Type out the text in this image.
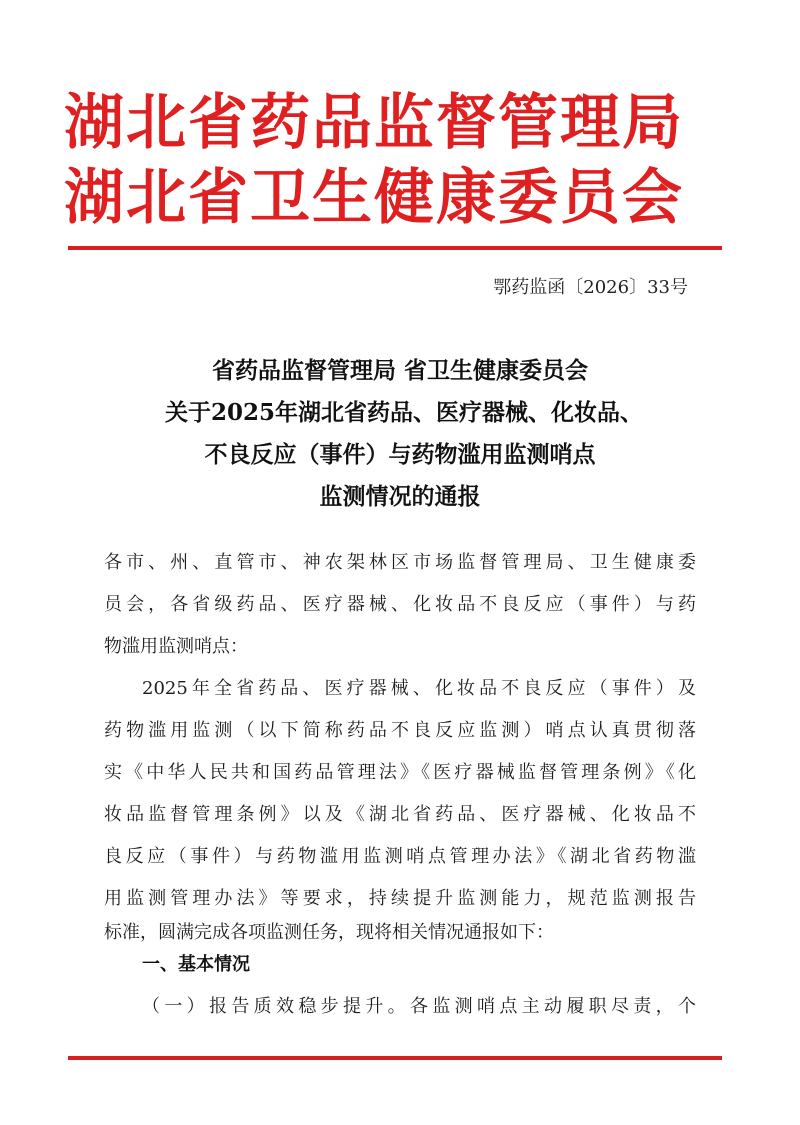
湖北省药品监督管理局
湖北省卫生健康委员会
鄂药监函〔2026〕33号
省药品监督管理局 省卫生健康委员会
关于2025年湖北省药品、医疗器械、化妆品、
不良反应（事件）与药物滥用监测哨点
监测情况的通报
各市、州、直管市、神农架林区市场监督管理局、卫生健康委
员会，各省级药品、医疗器械、化妆品不良反应（事件）与药
物滥用监测哨点：
2025年全省药品、医疗器械、化妆品不良反应（事件）及
药物滥用监测（以下简称药品不良反应监测）哨点认真贯彻落
实《中华人民共和国药品管理法》《医疗器械监督管理条例》《化
妆品监督管理条例》以及《湖北省药品、医疗器械、化妆品不
良反应（事件）与药物滥用监测哨点管理办法》《湖北省药物滥
用监测管理办法》等要求，持续提升监测能力，规范监测报告
标准，圆满完成各项监测任务，现将相关情况通报如下：
一、基本情况
（一）报告质效稳步提升。各监测哨点主动履职尽责，个
